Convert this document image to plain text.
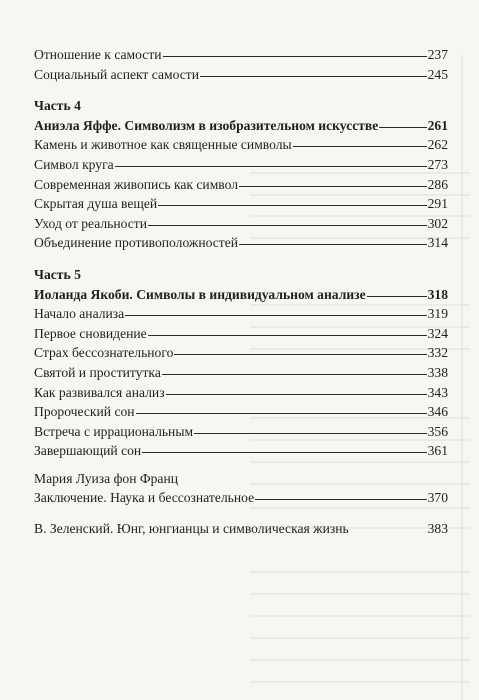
Отношение к самости	237
Социальный аспект самости	245
Часть 4
Аниэла Яффе. Символизм в изобразительном искусстве	261
Камень и животное как священные символы	262
Символ круга	273
Современная живопись как символ	286
Скрытая душа вещей	291
Уход от реальности	302
Объединение противоположностей	314
Часть 5
Иоланда Якоби. Символы в индивидуальном анализе	318
Начало анализа	319
Первое сновидение	324
Страх бессознательного	332
Святой и проститутка	338
Как развивался анализ	343
Пророческий сон	346
Встреча с иррациональным	356
Завершающий сон	361
Мария Луиза фон Франц
Заключение. Наука и бессознательное	370
В. Зеленский. Юнг, юнгианцы и символическая жизнь	383
